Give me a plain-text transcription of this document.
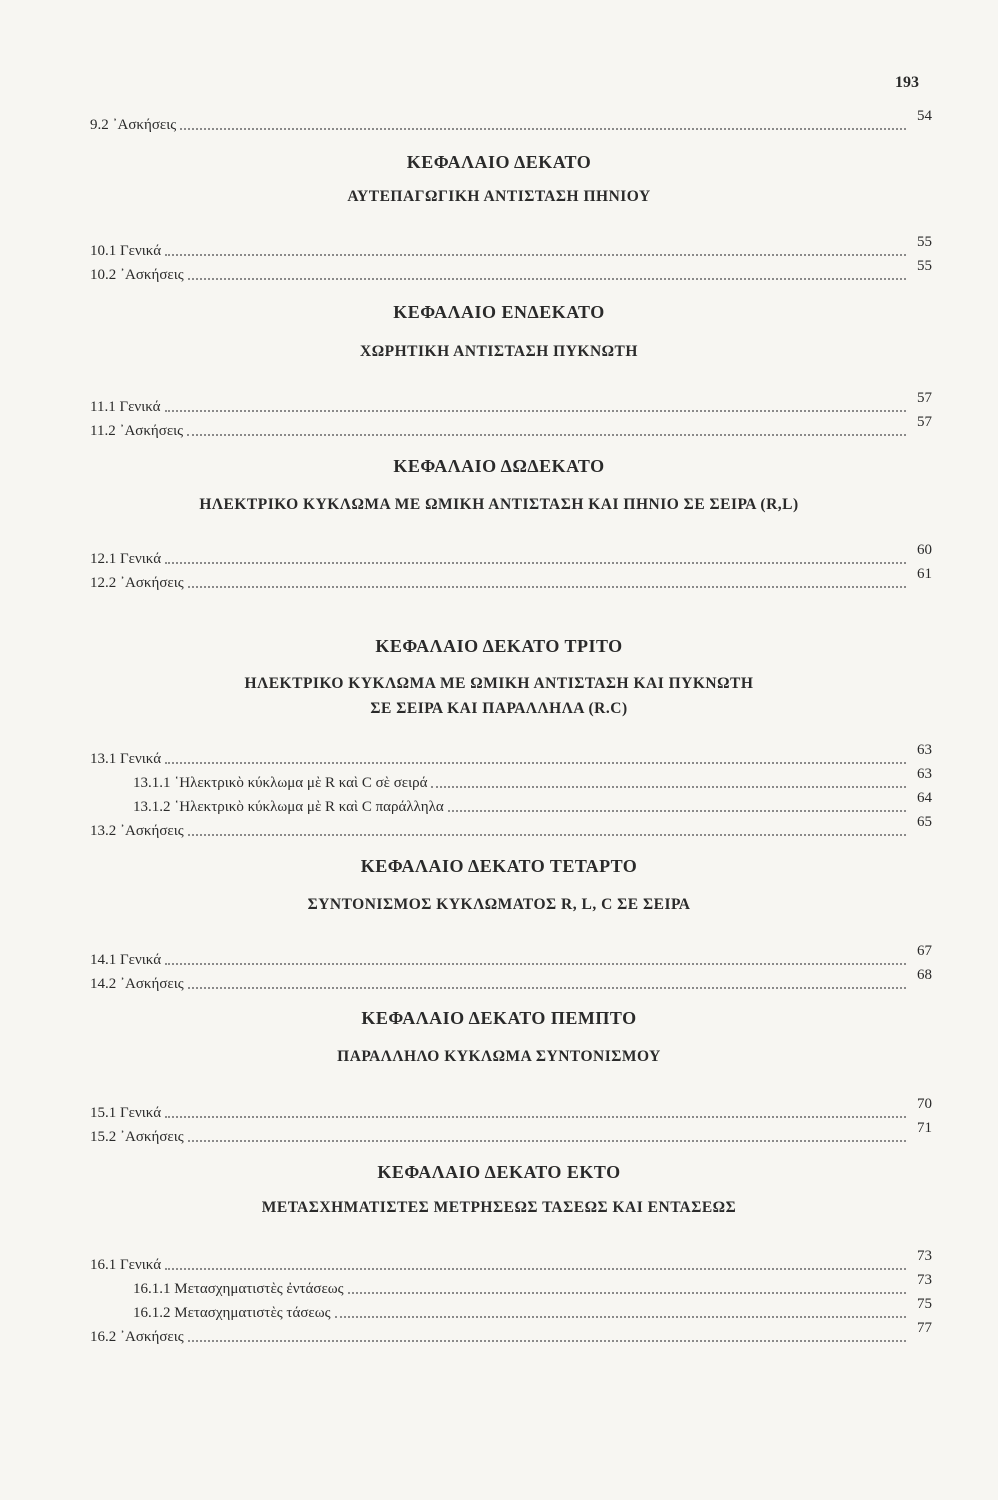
193
9.2 ᾿Ασκήσεις
54
ΚΕΦΑΛΑΙΟ ΔΕΚΑΤΟ
ΑΥΤΕΠΑΓΩΓΙΚΗ ΑΝΤΙΣΤΑΣΗ ΠΗΝΙΟΥ
10.1 Γενικά
55
10.2 ᾿Ασκήσεις
55
ΚΕΦΑΛΑΙΟ ΕΝΔΕΚΑΤΟ
ΧΩΡΗΤΙΚΗ ΑΝΤΙΣΤΑΣΗ ΠΥΚΝΩΤΗ
11.1 Γενικά
57
11.2 ᾿Ασκήσεις
57
ΚΕΦΑΛΑΙΟ ΔΩΔΕΚΑΤΟ
ΗΛΕΚΤΡΙΚΟ ΚΥΚΛΩΜΑ ΜΕ ΩΜΙΚΗ ΑΝΤΙΣΤΑΣΗ ΚΑΙ ΠΗΝΙΟ ΣΕ ΣΕΙΡΑ (R,L)
12.1 Γενικά
60
12.2 ᾿Ασκήσεις
61
ΚΕΦΑΛΑΙΟ ΔΕΚΑΤΟ ΤΡΙΤΟ
ΗΛΕΚΤΡΙΚΟ ΚΥΚΛΩΜΑ ΜΕ ΩΜΙΚΗ ΑΝΤΙΣΤΑΣΗ ΚΑΙ ΠΥΚΝΩΤΗ
ΣΕ ΣΕΙΡΑ ΚΑΙ ΠΑΡΑΛΛΗΛΑ (R.C)
13.1 Γενικά
63
13.1.1 ῾Ηλεκτρικὸ κύκλωμα μὲ R καὶ C σὲ σειρά
63
13.1.2 ῾Ηλεκτρικὸ κύκλωμα μὲ R καὶ C παράλληλα
64
13.2 ᾿Ασκήσεις
65
ΚΕΦΑΛΑΙΟ ΔΕΚΑΤΟ ΤΕΤΑΡΤΟ
ΣΥΝΤΟΝΙΣΜΟΣ ΚΥΚΛΩΜΑΤΟΣ R, L, C ΣΕ ΣΕΙΡΑ
14.1 Γενικά
67
14.2 ᾿Ασκήσεις
68
ΚΕΦΑΛΑΙΟ ΔΕΚΑΤΟ ΠΕΜΠΤΟ
ΠΑΡΑΛΛΗΛΟ ΚΥΚΛΩΜΑ ΣΥΝΤΟΝΙΣΜΟΥ
15.1 Γενικά
70
15.2 ᾿Ασκήσεις
71
ΚΕΦΑΛΑΙΟ ΔΕΚΑΤΟ ΕΚΤΟ
ΜΕΤΑΣΧΗΜΑΤΙΣΤΕΣ ΜΕΤΡΗΣΕΩΣ ΤΑΣΕΩΣ ΚΑΙ ΕΝΤΑΣΕΩΣ
16.1 Γενικά
73
16.1.1 Μετασχηματιστὲς ἐντάσεως
73
16.1.2 Μετασχηματιστὲς τάσεως
75
16.2 ᾿Ασκήσεις
77
